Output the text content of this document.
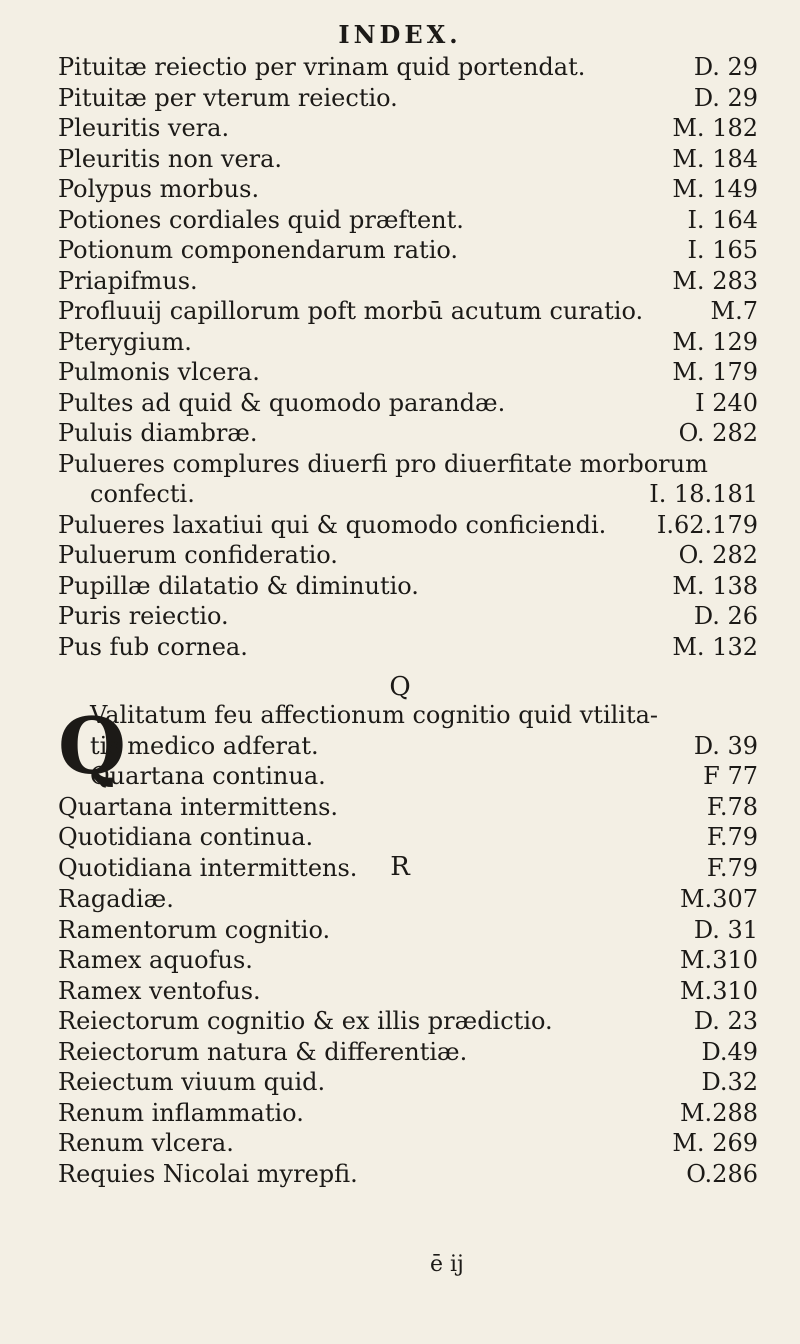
INDEX.
Pituitæ reiectio per vrinam quid portendat.	D. 29
Pituitæ per vterum reiectio.	D. 29
Pleuritis vera.	M. 182
Pleuritis non vera.	M. 184
Polypus morbus.	M. 149
Potiones cordiales quid præftent.	I. 164
Potionum componendarum ratio.	I. 165
Priapifmus.	M. 283
Profluuij capillorum poft morbū acutum curatio.	M.7
Pterygium.	M. 129
Pulmonis vlcera.	M. 179
Pultes ad quid & quomodo parandæ.	I 240
Puluis diambræ.	O. 282
Pulueres complures diuerfi pro diuerfitate morborum
confecti.	I. 18.181
Pulueres laxatiui qui & quomodo conficiendi. I.62.179
Puluerum confideratio.	O. 282
Pupillæ dilatatio & diminutio.	M. 138
Puris reiectio.	D. 26
Pus fub cornea.	M. 132
Q
Q
Valitatum feu affectionum cognitio quid vtilita-
tis medico adferat.	D. 39
Quartana continua.	F 77
Quartana intermittens.	F.78
Quotidiana continua.	F.79
Quotidiana intermittens.	F.79
R
Ragadiæ.	M.307
Ramentorum cognitio.	D. 31
Ramex aquofus.	M.310
Ramex ventofus.	M.310
Reiectorum cognitio & ex illis prædictio.	D. 23
Reiectorum natura & differentiæ.	D.49
Reiectum viuum quid.	D.32
Renum inflammatio.	M.288
Renum vlcera.	M. 269
Requies Nicolai myrepfi.	O.286
ē ij
